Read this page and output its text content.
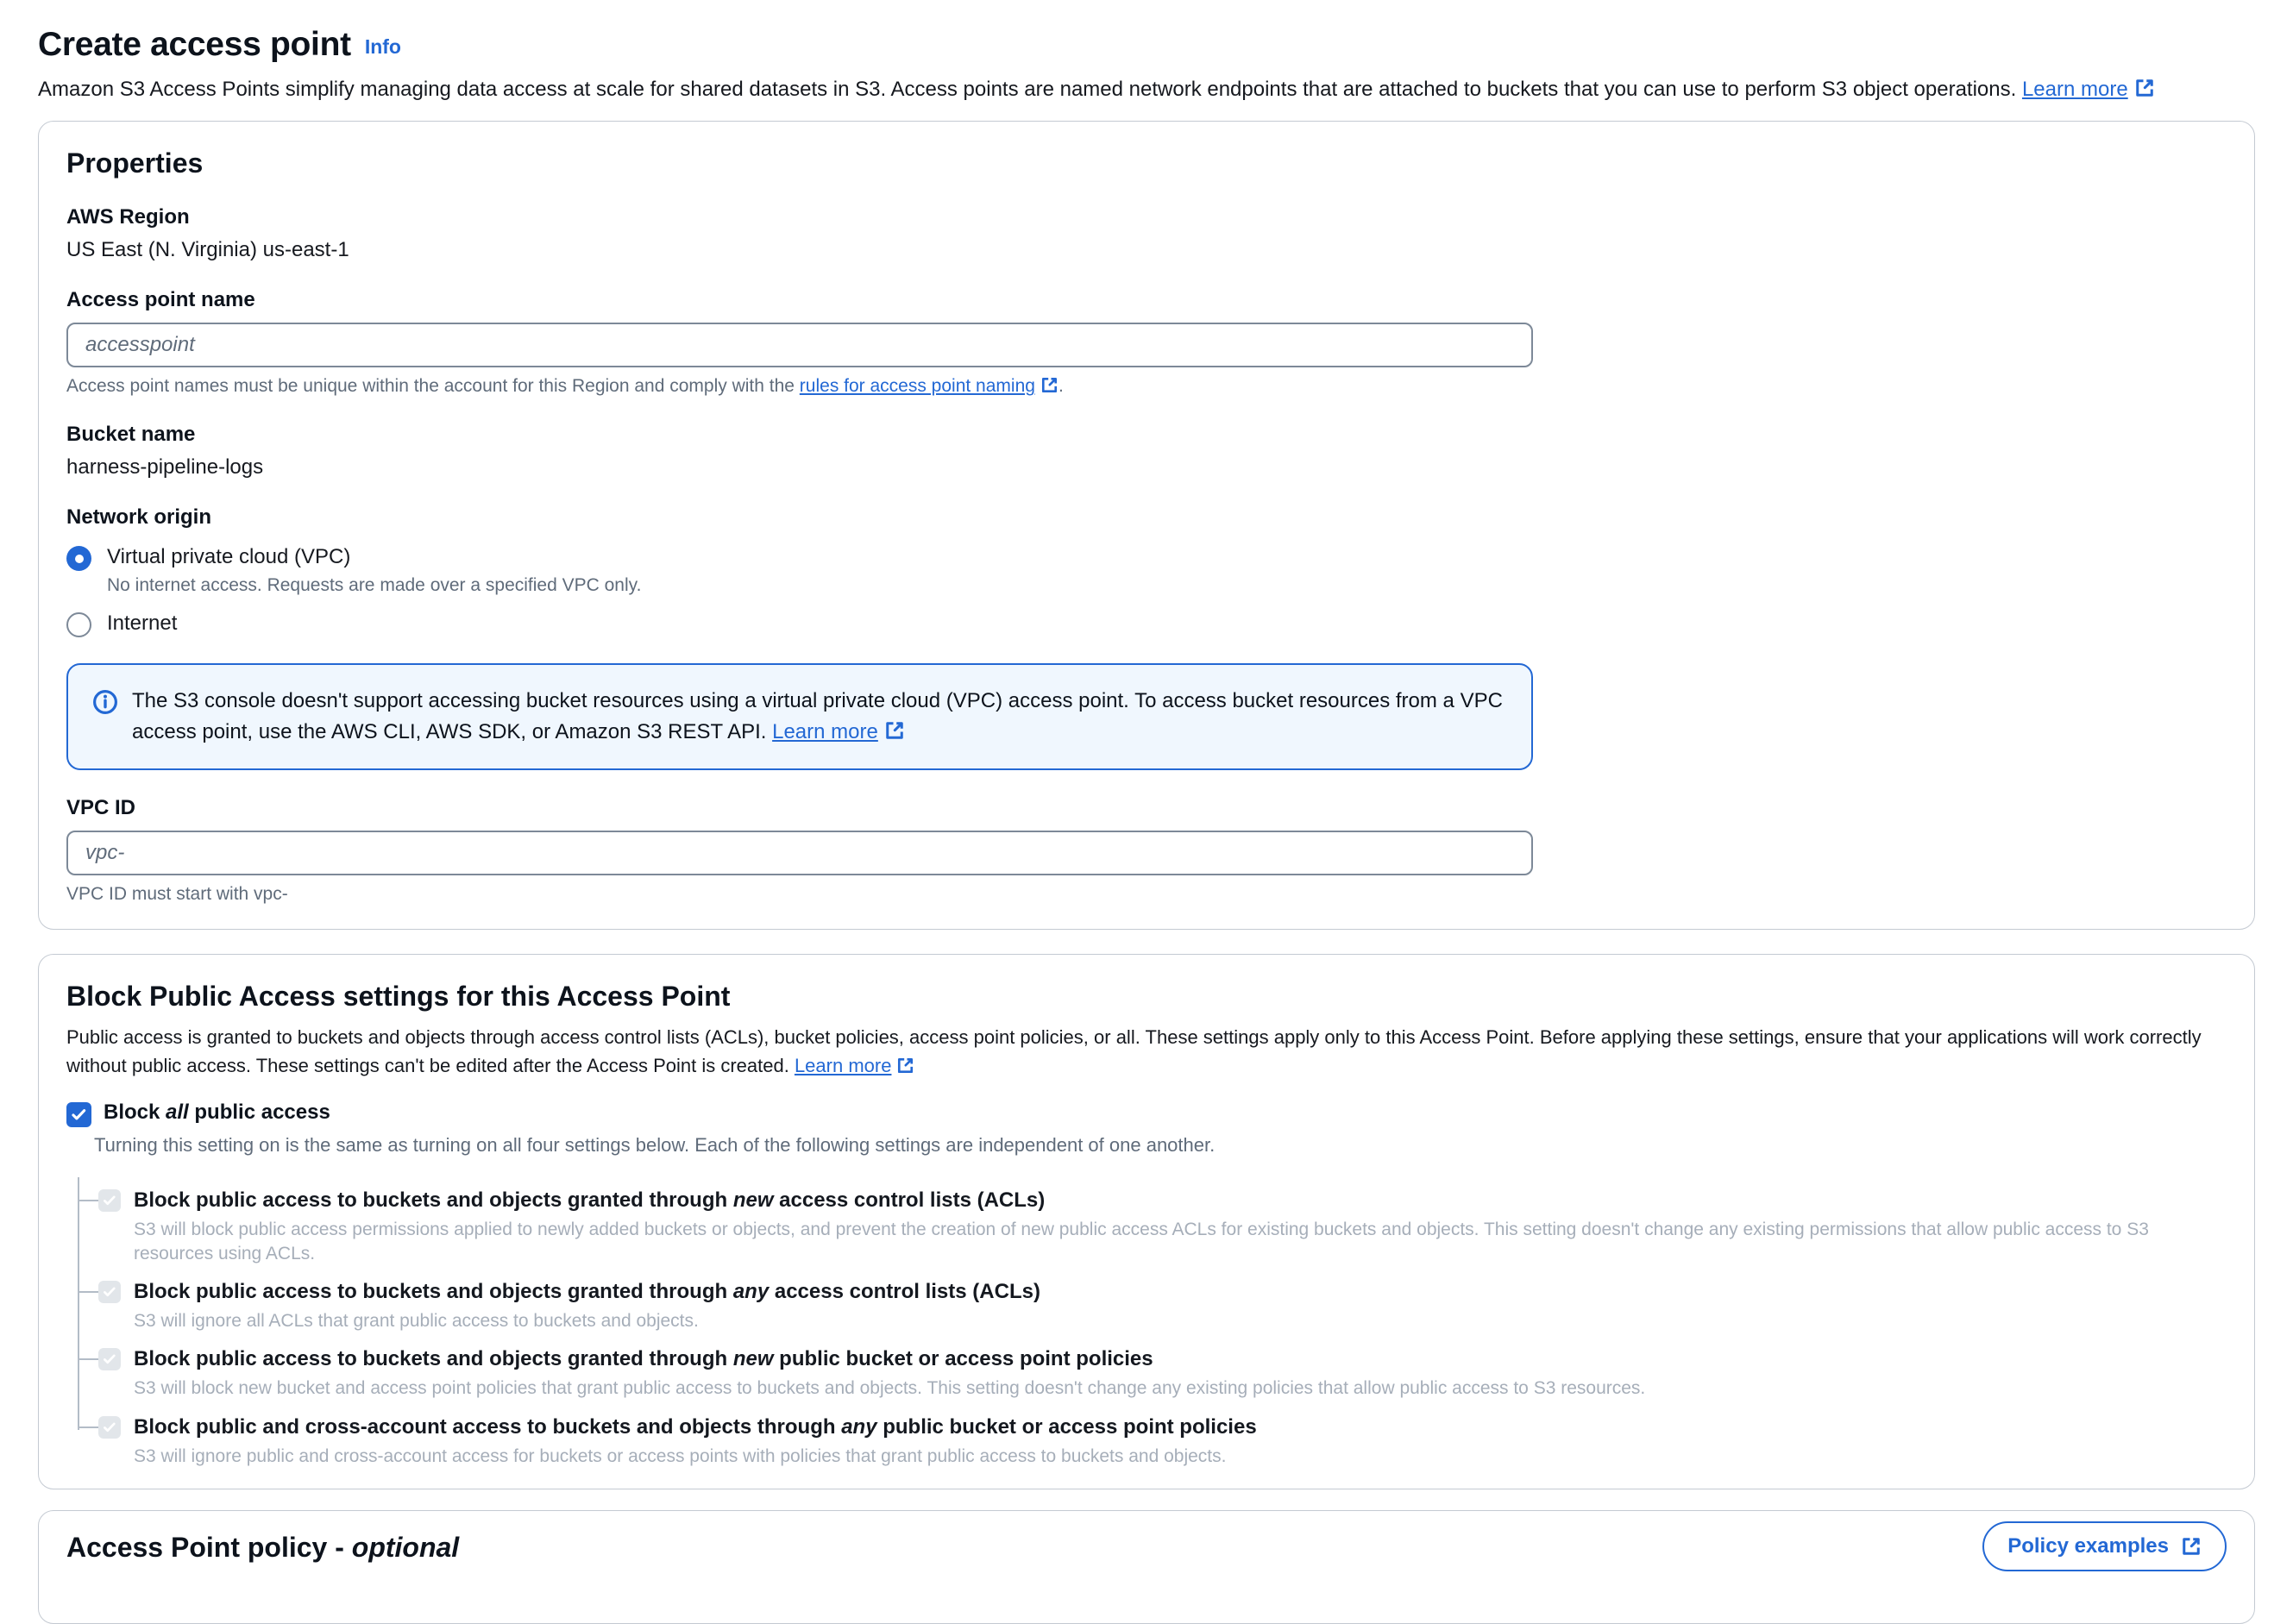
Create access point Info

Amazon S3 Access Points simplify managing data access at scale for shared datasets in S3. Access points are named network endpoints that are attached to buckets that you can use to perform S3 object operations. Learn more

Properties
AWS Region
US East (N. Virginia) us-east-1
Access point name
accesspoint
Access point names must be unique within the account for this Region and comply with the rules for access point naming .
Bucket name
harness-pipeline-logs
Network origin
Virtual private cloud (VPC)
No internet access. Requests are made over a specified VPC only.
Internet
The S3 console doesn't support accessing bucket resources using a virtual private cloud (VPC) access point. To access bucket resources from a VPC access point, use the AWS CLI, AWS SDK, or Amazon S3 REST API. Learn more
VPC ID
vpc-
VPC ID must start with vpc-
Block Public Access settings for this Access Point
Public access is granted to buckets and objects through access control lists (ACLs), bucket policies, access point policies, or all. These settings apply only to this Access Point. Before applying these settings, ensure that your applications will work correctly without public access. These settings can't be edited after the Access Point is created. Learn more
Block all public access
Turning this setting on is the same as turning on all four settings below. Each of the following settings are independent of one another.
Block public access to buckets and objects granted through new access control lists (ACLs)
S3 will block public access permissions applied to newly added buckets or objects, and prevent the creation of new public access ACLs for existing buckets and objects. This setting doesn't change any existing permissions that allow public access to S3 resources using ACLs.
Block public access to buckets and objects granted through any access control lists (ACLs)
S3 will ignore all ACLs that grant public access to buckets and objects.
Block public access to buckets and objects granted through new public bucket or access point policies
S3 will block new bucket and access point policies that grant public access to buckets and objects. This setting doesn't change any existing policies that allow public access to S3 resources.
Block public and cross-account access to buckets and objects through any public bucket or access point policies
S3 will ignore public and cross-account access for buckets or access points with policies that grant public access to buckets and objects.
Access Point policy - optional	Policy examples
